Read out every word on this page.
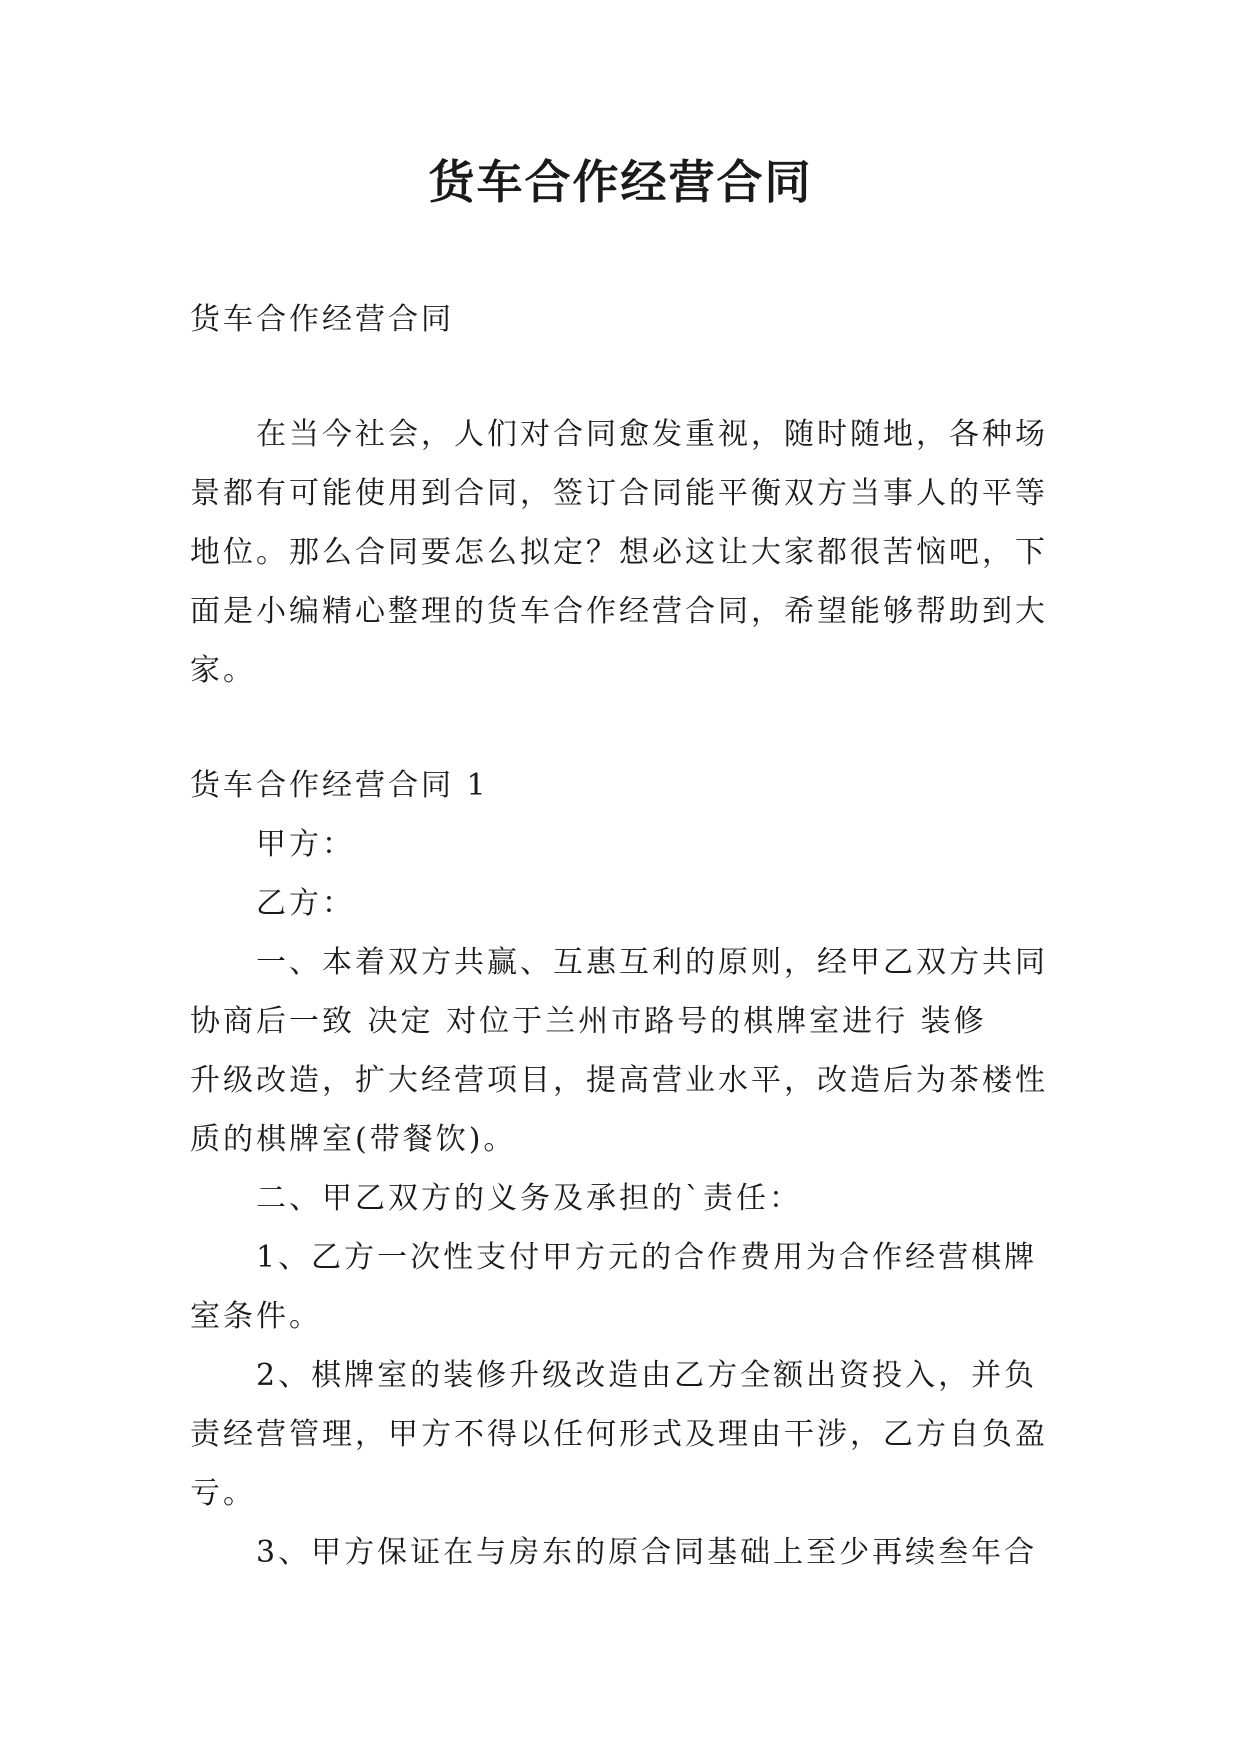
货车合作经营合同
货车合作经营合同
在当今社会，人们对合同愈发重视，随时随地，各种场
景都有可能使用到合同，签订合同能平衡双方当事人的平等
地位。那么合同要怎么拟定？想必这让大家都很苦恼吧，下
面是小编精心整理的货车合作经营合同，希望能够帮助到大
家。
货车合作经营合同 1
甲方：
乙方：
一、本着双方共赢、互惠互利的原则，经甲乙双方共同
协商后一致 决定 对位于兰州市路号的棋牌室进行 装修
升级改造，扩大经营项目，提高营业水平，改造后为茶楼性
质的棋牌室(带餐饮)。
二、甲乙双方的义务及承担的`责任：
1、乙方一次性支付甲方元的合作费用为合作经营棋牌
室条件。
2、棋牌室的装修升级改造由乙方全额出资投入，并负
责经营管理，甲方不得以任何形式及理由干涉，乙方自负盈
亏。
3、甲方保证在与房东的原合同基础上至少再续叁年合
